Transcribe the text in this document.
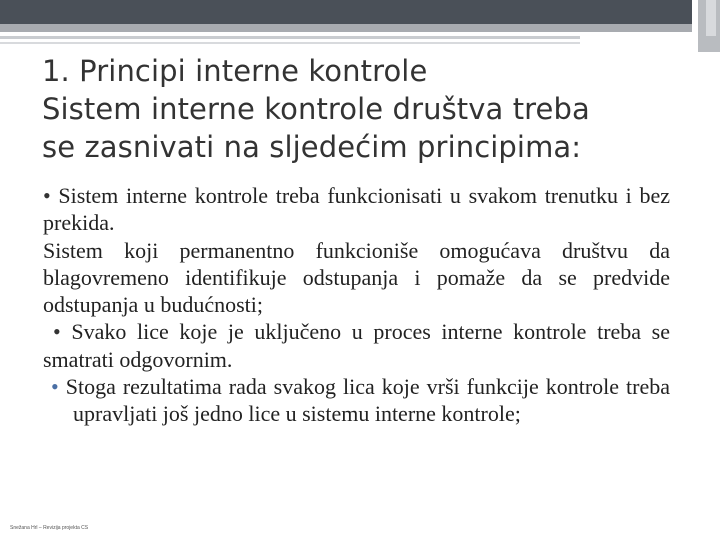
1. Principi interne kontrole
Sistem interne kontrole društva treba
se zasnivati na sljedećim principima:

• Sistem interne kontrole treba funkcionisati u svakom trenutku i bez prekida.

Sistem koji permanentno funkcioniše omogućava društvu da blagovremeno identifikuje odstupanja i pomaže da se predvide odstupanja u budućnosti;

• Svako lice koje je uključeno u proces interne kontrole treba se smatrati odgovornim.

• Stoga rezultatima rada svakog lica koje vrši funkcije kontrole treba upravljati još jedno lice u sistemu interne kontrole;

Snežana Hrl – Revizija projekta CS
